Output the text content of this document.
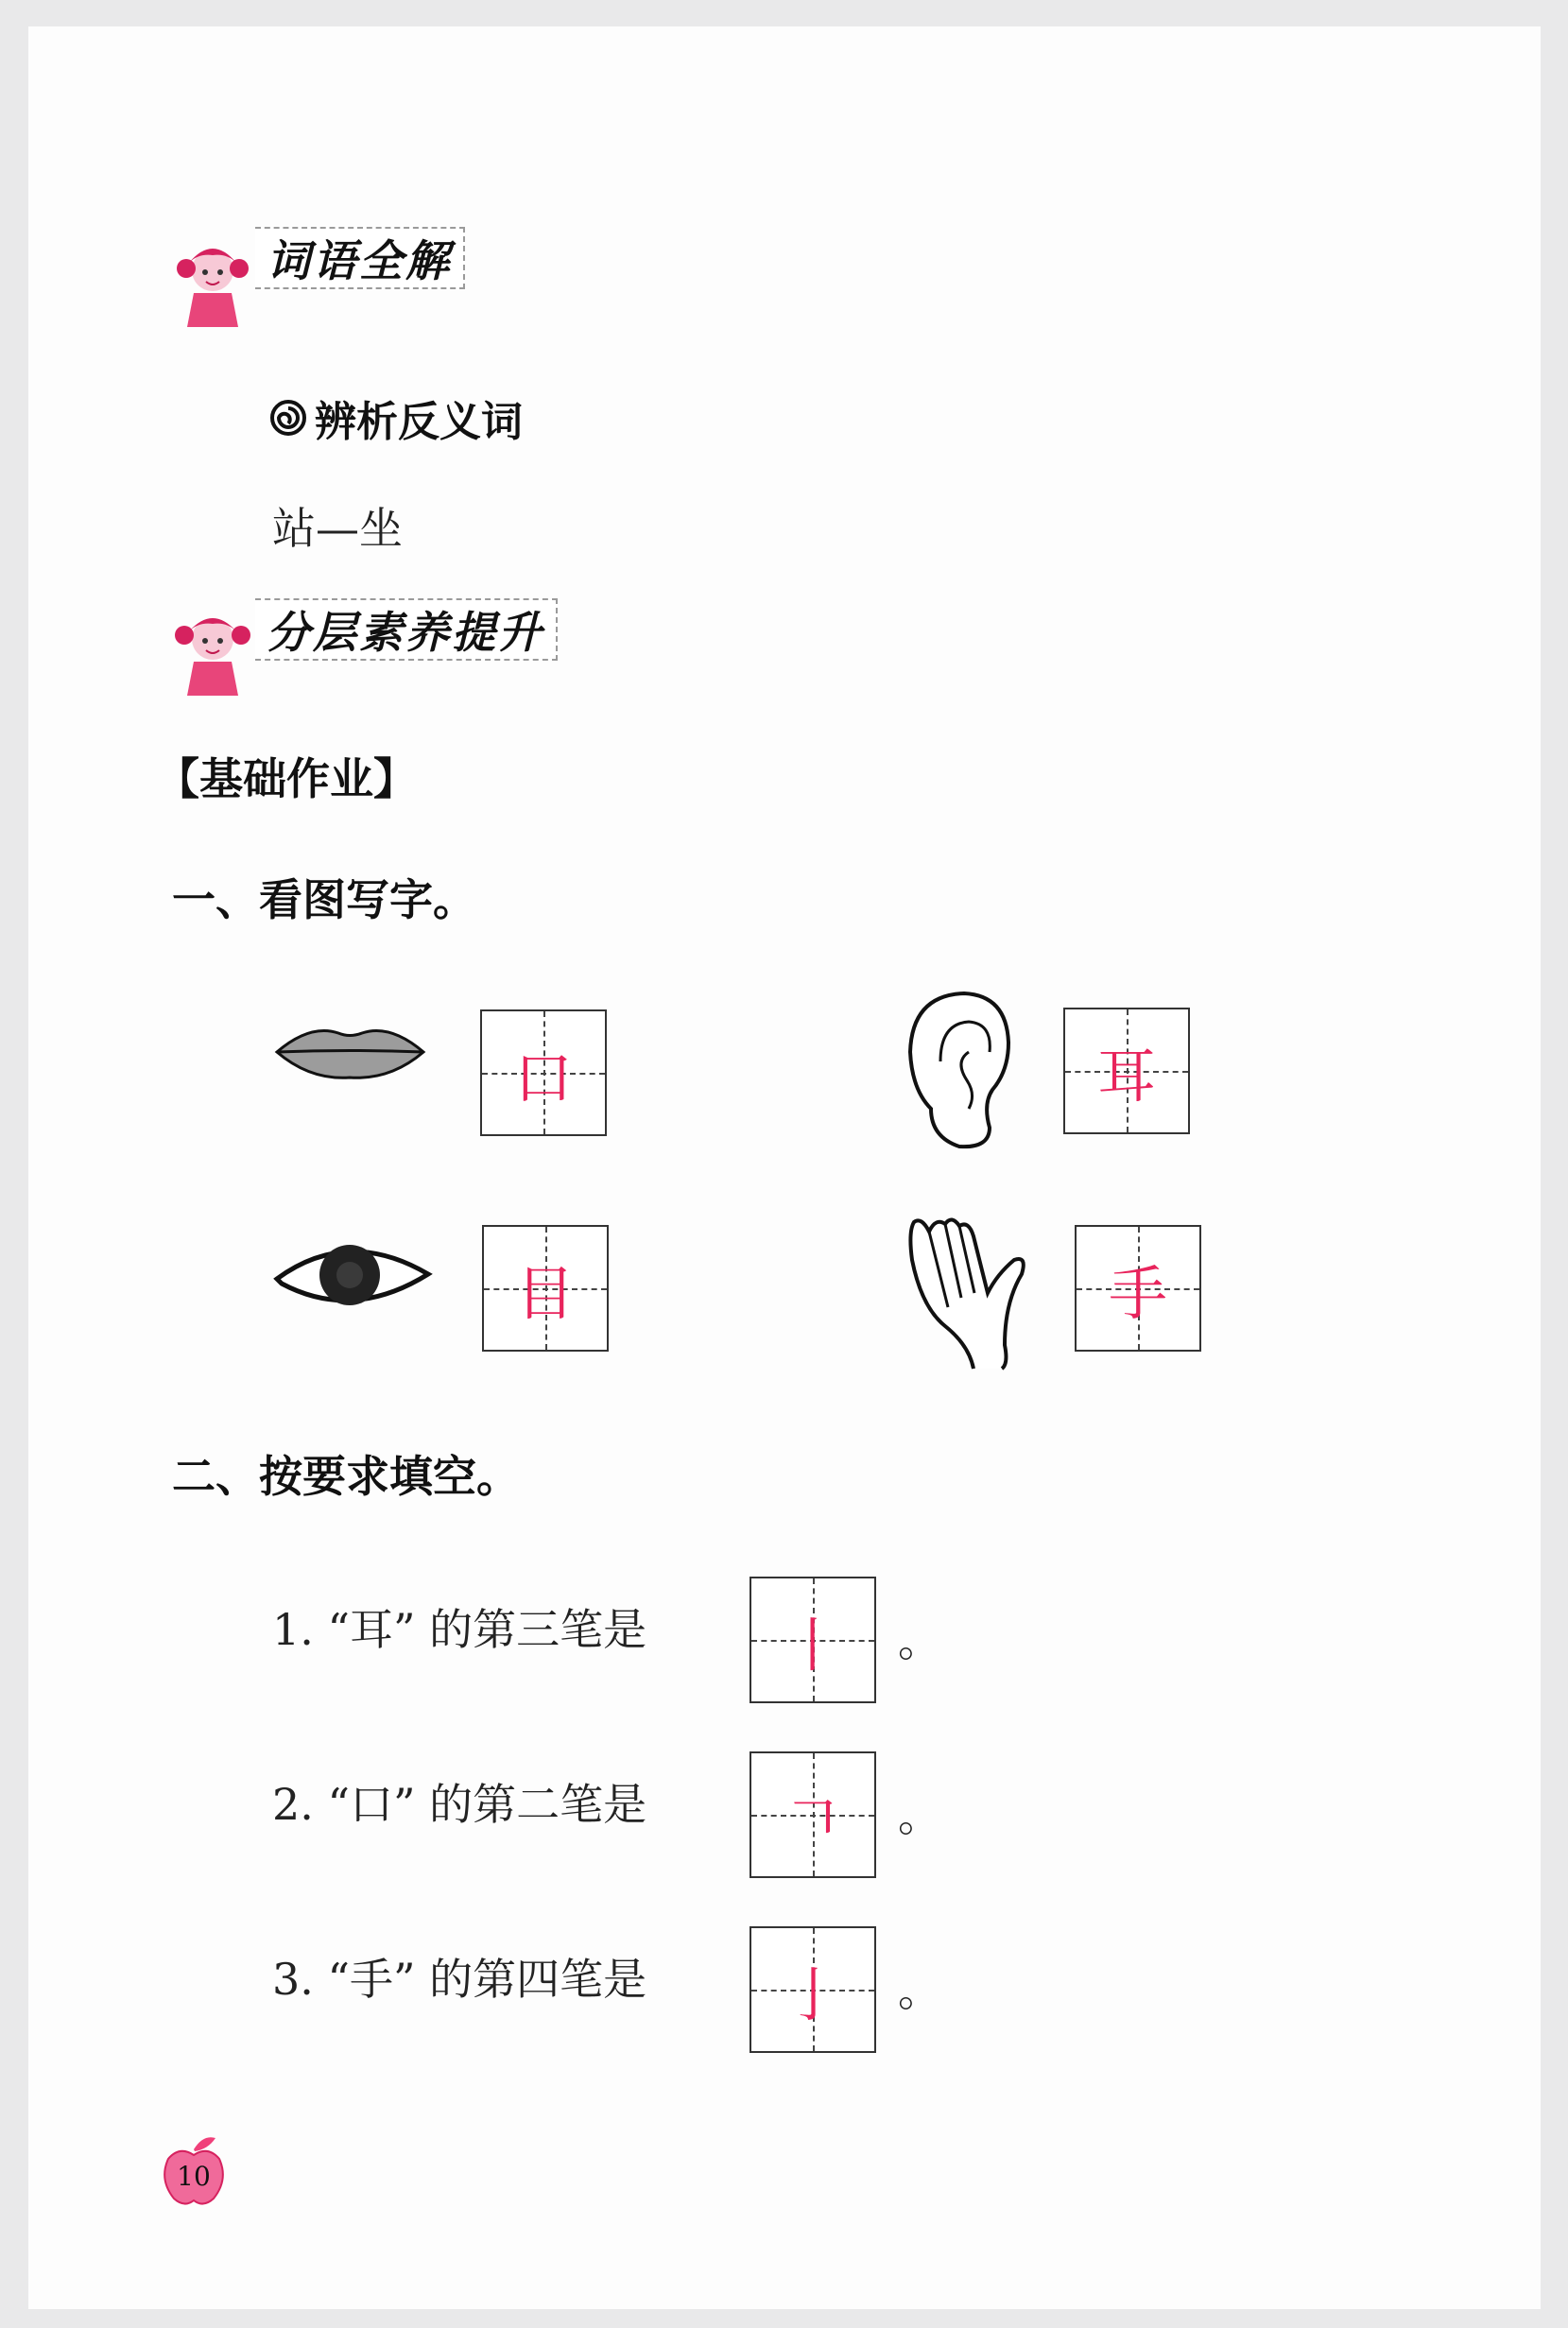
词语全解
辨析反义词
站—坐
分层素养提升
【基础作业】
一、看图写字。
口	耳
目	手
二、按要求填空。
1. “耳” 的第三笔是	丨	。
2. “口” 的第二笔是	𠃍	。
3. “手” 的第四笔是	亅	。
10
